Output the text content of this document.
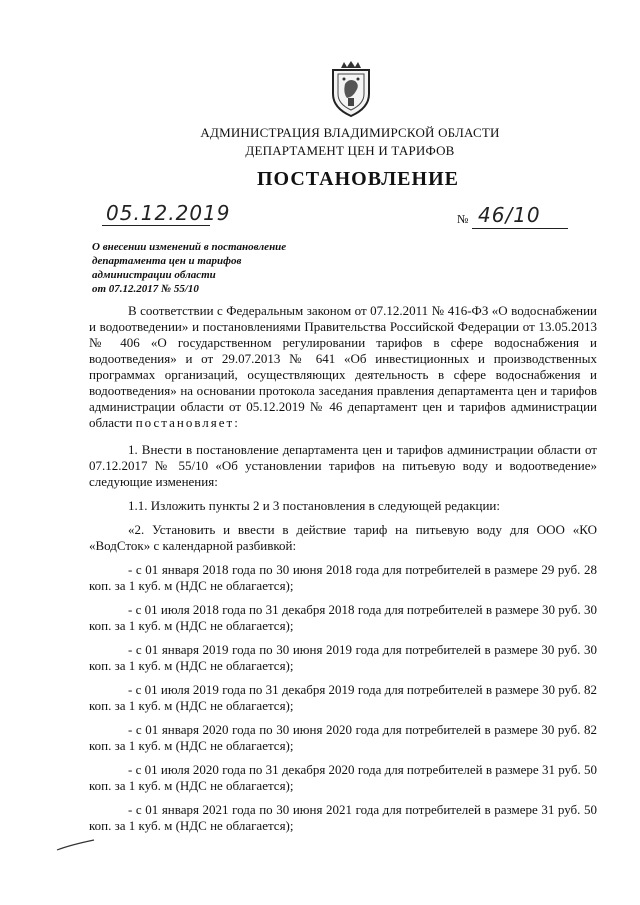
АДМИНИСТРАЦИЯ ВЛАДИМИРСКОЙ ОБЛАСТИ
ДЕПАРТАМЕНТ ЦЕН И ТАРИФОВ
ПОСТАНОВЛЕНИЕ
05.12.2019	№ 46/10
О внесении изменений в постановление
департамента цен и тарифов
администрации области
от 07.12.2017 № 55/10

В соответствии с Федеральным законом от 07.12.2011 № 416-ФЗ «О водоснабжении и водоотведении» и постановлениями Правительства Российской Федерации от 13.05.2013 № 406 «О государственном регулировании тарифов в сфере водоснабжения и водоотведения» и от 29.07.2013 № 641 «Об инвестиционных и производственных программах организаций, осуществляющих деятельность в сфере водоснабжения и водоотведения» на основании протокола заседания правления департамента цен и тарифов администрации области от 05.12.2019 № 46 департамент цен и тарифов администрации области постановляет:

1. Внести в постановление департамента цен и тарифов администрации области от 07.12.2017 № 55/10 «Об установлении тарифов на питьевую воду и водоотведение» следующие изменения:

1.1. Изложить пункты 2 и 3 постановления в следующей редакции:

«2. Установить и ввести в действие тариф на питьевую воду для ООО «КО «ВодСток» с календарной разбивкой:

- с 01 января 2018 года по 30 июня 2018 года для потребителей в размере 29 руб. 28 коп. за 1 куб. м (НДС не облагается);

- с 01 июля 2018 года по 31 декабря 2018 года для потребителей в размере 30 руб. 30 коп. за 1 куб. м (НДС не облагается);

- с 01 января 2019 года по 30 июня 2019 года для потребителей в размере 30 руб. 30 коп. за 1 куб. м (НДС не облагается);

- с 01 июля 2019 года по 31 декабря 2019 года для потребителей в размере 30 руб. 82 коп. за 1 куб. м (НДС не облагается);

- с 01 января 2020 года по 30 июня 2020 года для потребителей в размере 30 руб. 82 коп. за 1 куб. м (НДС не облагается);

- с 01 июля 2020 года по 31 декабря 2020 года для потребителей в размере 31 руб. 50 коп. за 1 куб. м (НДС не облагается);

- с 01 января 2021 года по 30 июня 2021 года для потребителей в размере 31 руб. 50 коп. за 1 куб. м (НДС не облагается);
